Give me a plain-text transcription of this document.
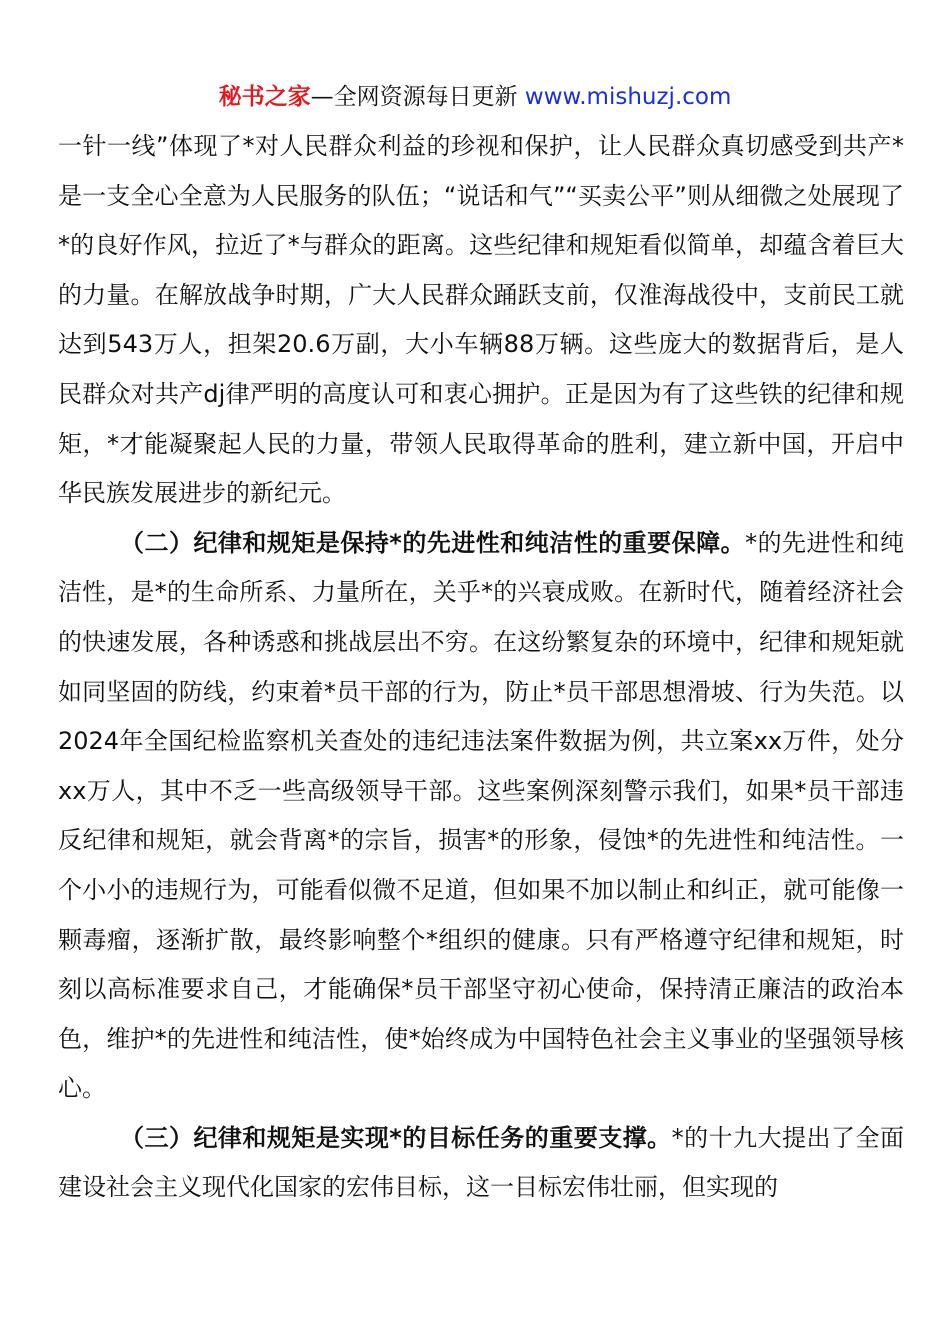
秘书之家—全网资源每日更新 www.mishuzj.com

一针一线”体现了*对人民群众利益的珍视和保护，让人民群众真切感受到共产*是一支全心全意为人民服务的队伍；“说话和气”“买卖公平”则从细微之处展现了*的良好作风，拉近了*与群众的距离。这些纪律和规矩看似简单，却蕴含着巨大的力量。在解放战争时期，广大人民群众踊跃支前，仅淮海战役中，支前民工就达到543万人，担架20.6万副，大小车辆88万辆。这些庞大的数据背后，是人民群众对共产dj律严明的高度认可和衷心拥护。正是因为有了这些铁的纪律和规矩，*才能凝聚起人民的力量，带领人民取得革命的胜利，建立新中国，开启中华民族发展进步的新纪元。

（二）纪律和规矩是保持*的先进性和纯洁性的重要保障。*的先进性和纯洁性，是*的生命所系、力量所在，关乎*的兴衰成败。在新时代，随着经济社会的快速发展，各种诱惑和挑战层出不穷。在这纷繁复杂的环境中，纪律和规矩就如同坚固的防线，约束着*员干部的行为，防止*员干部思想滑坡、行为失范。以2024年全国纪检监察机关查处的违纪违法案件数据为例，共立案xx万件，处分xx万人，其中不乏一些高级领导干部。这些案例深刻警示我们，如果*员干部违反纪律和规矩，就会背离*的宗旨，损害*的形象，侵蚀*的先进性和纯洁性。一个小小的违规行为，可能看似微不足道，但如果不加以制止和纠正，就可能像一颗毒瘤，逐渐扩散，最终影响整个*组织的健康。只有严格遵守纪律和规矩，时刻以高标准要求自己，才能确保*员干部坚守初心使命，保持清正廉洁的政治本色，维护*的先进性和纯洁性，使*始终成为中国特色社会主义事业的坚强领导核心。

（三）纪律和规矩是实现*的目标任务的重要支撑。*的十九大提出了全面建设社会主义现代化国家的宏伟目标，这一目标宏伟壮丽，但实现的
